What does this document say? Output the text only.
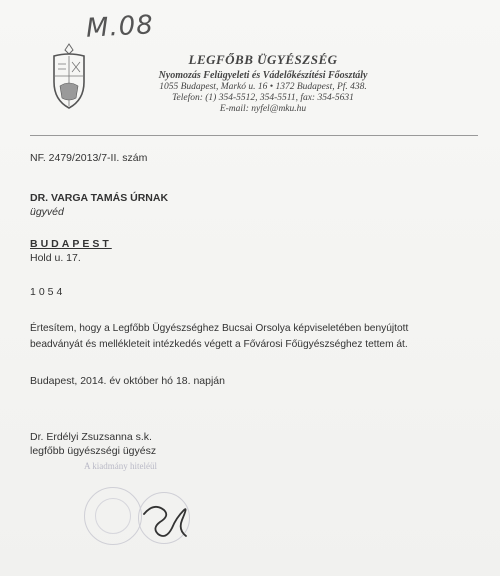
M.08
LEGFŐBB ÜGYÉSZSÉG
Nyomozás Felügyeleti és Vádelőkészítési Főosztály
1055 Budapest, Markó u. 16 • 1372 Budapest, Pf. 438.
Telefon: (1) 354-5512, 354-5511, fax: 354-5631
E-mail: nyfel@mku.hu
NF. 2479/2013/7-II. szám
DR. VARGA TAMÁS ÚRNAK
ügyvéd
BUDAPEST
Hold u. 17.
1054
Értesítem, hogy a Legfőbb Ügyészséghez Bucsai Orsolya képviseletében benyújtott
beadványát és mellékleteit intézkedés végett a Fővárosi Főügyészséghez tettem át.
Budapest, 2014. év október hó 18. napján
Dr. Erdélyi Zsuzsanna s.k.
legfőbb ügyészségi ügyész
A kiadmány hiteléül
